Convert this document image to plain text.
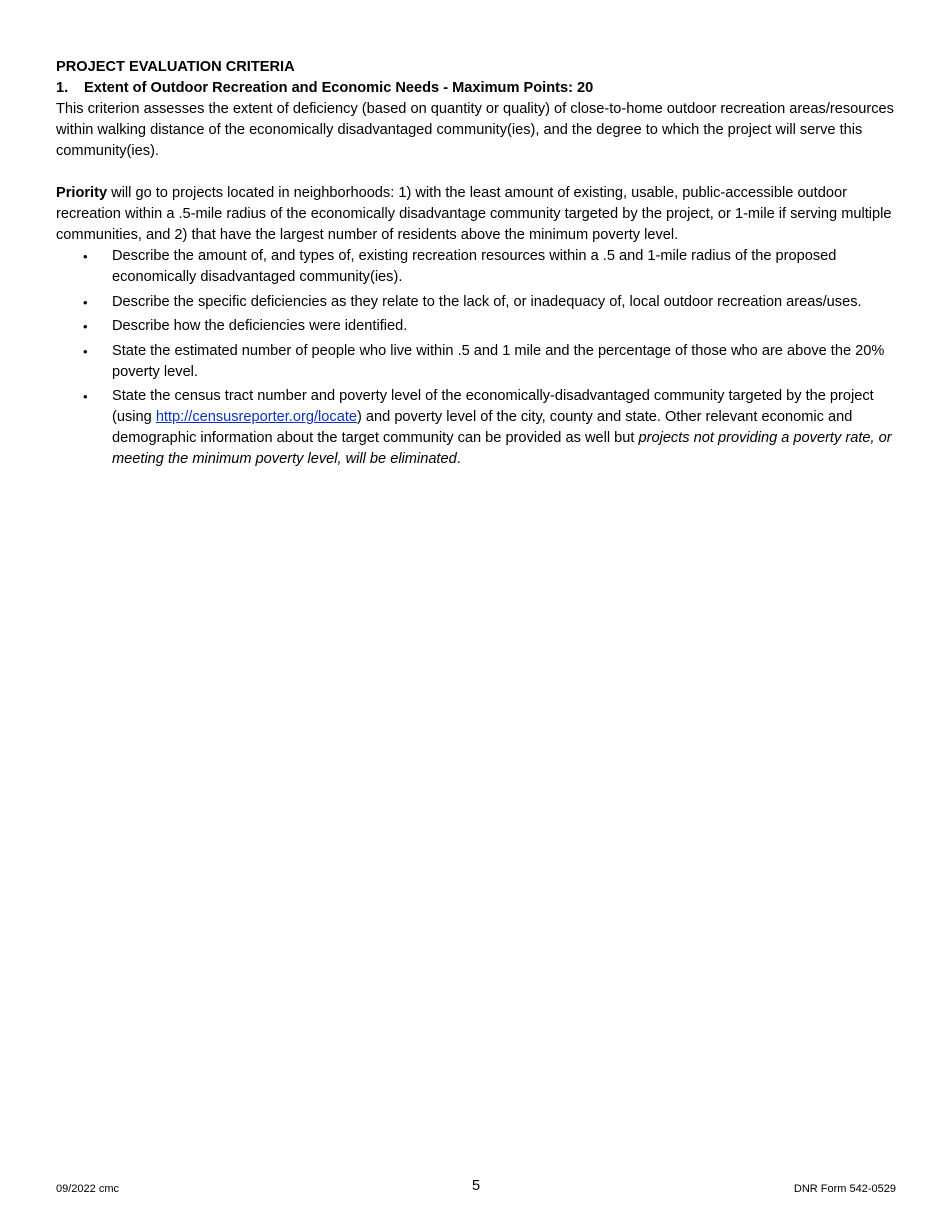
PROJECT EVALUATION CRITERIA

1.	Extent of Outdoor Recreation and Economic Needs - Maximum Points: 20

This criterion assesses the extent of deficiency (based on quantity or quality) of close-to-home outdoor recreation areas/resources within walking distance of the economically disadvantaged community(ies), and the degree to which the project will serve this community(ies).

Priority will go to projects located in neighborhoods: 1) with the least amount of existing, usable, public-accessible outdoor recreation within a .5-mile radius of the economically disadvantage community targeted by the project, or 1-mile if serving multiple communities, and 2) that have the largest number of residents above the minimum poverty level.

• Describe the amount of, and types of, existing recreation resources within a .5 and 1-mile radius of the proposed economically disadvantaged community(ies).
• Describe the specific deficiencies as they relate to the lack of, or inadequacy of, local outdoor recreation areas/uses.
• Describe how the deficiencies were identified.
• State the estimated number of people who live within .5 and 1 mile and the percentage of those who are above the 20% poverty level.
• State the census tract number and poverty level of the economically-disadvantaged community targeted by the project (using http://censusreporter.org/locate) and poverty level of the city, county and state. Other relevant economic and demographic information about the target community can be provided as well but projects not providing a poverty rate, or meeting the minimum poverty level, will be eliminated.
09/2022 cmc	5	DNR Form 542-0529
